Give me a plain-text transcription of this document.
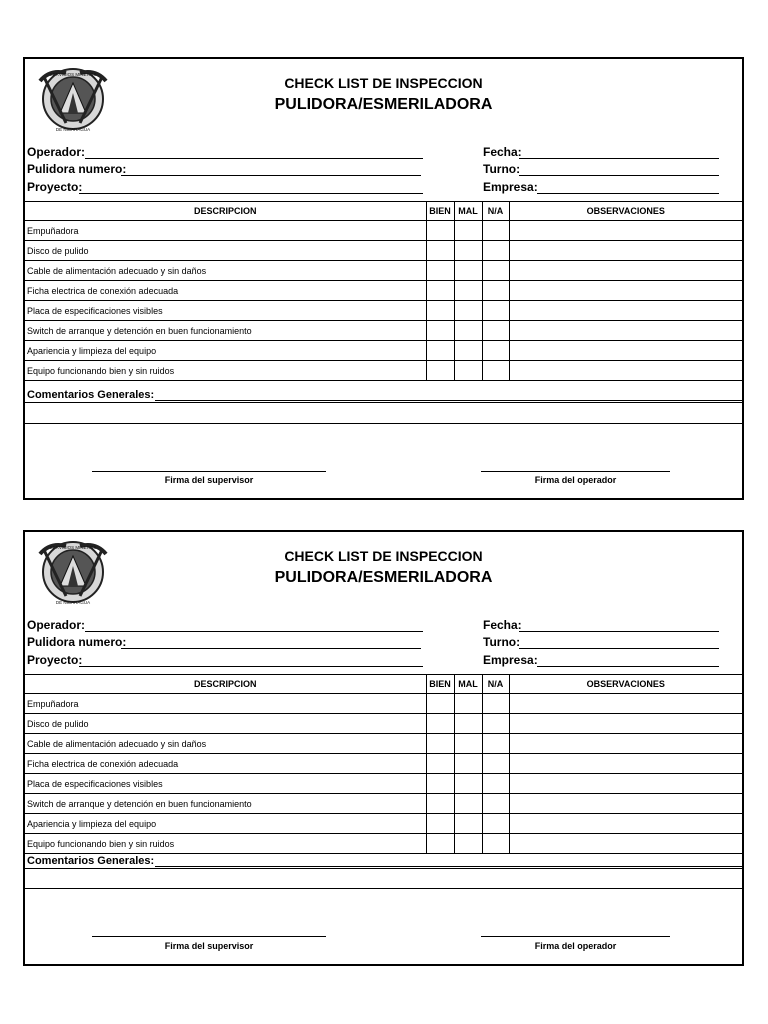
SERVICIOS MINEROS
DE NICARAGUA
CHECK LIST DE INSPECCION
PULIDORA/ESMERILADORA
Operador:
Pulidora numero:
Proyecto:
Fecha:
Turno:
Empresa:
DESCRIPCION	BIEN	MAL	N/A	OBSERVACIONES
Empuñadora				
Disco de pulido				
Cable de alimentación adecuado y sin daños				
Ficha electrica de conexión adecuada				
Placa de especificaciones visibles				
Switch de arranque y detención en buen funcionamiento				
Apariencia y limpieza del equipo				
Equipo funcionando bien y sin ruidos				
Comentarios Generales:
Firma del supervisor	Firma del operador
SERVICIOS MINEROS
DE NICARAGUA
CHECK LIST DE INSPECCION
PULIDORA/ESMERILADORA
Operador:
Pulidora numero:
Proyecto:
Fecha:
Turno:
Empresa:
DESCRIPCION	BIEN	MAL	N/A	OBSERVACIONES
Empuñadora				
Disco de pulido				
Cable de alimentación adecuado y sin daños				
Ficha electrica de conexión adecuada				
Placa de especificaciones visibles				
Switch de arranque y detención en buen funcionamiento				
Apariencia y limpieza del equipo				
Equipo funcionando bien y sin ruidos				
Comentarios Generales:
Firma del supervisor	Firma del operador
